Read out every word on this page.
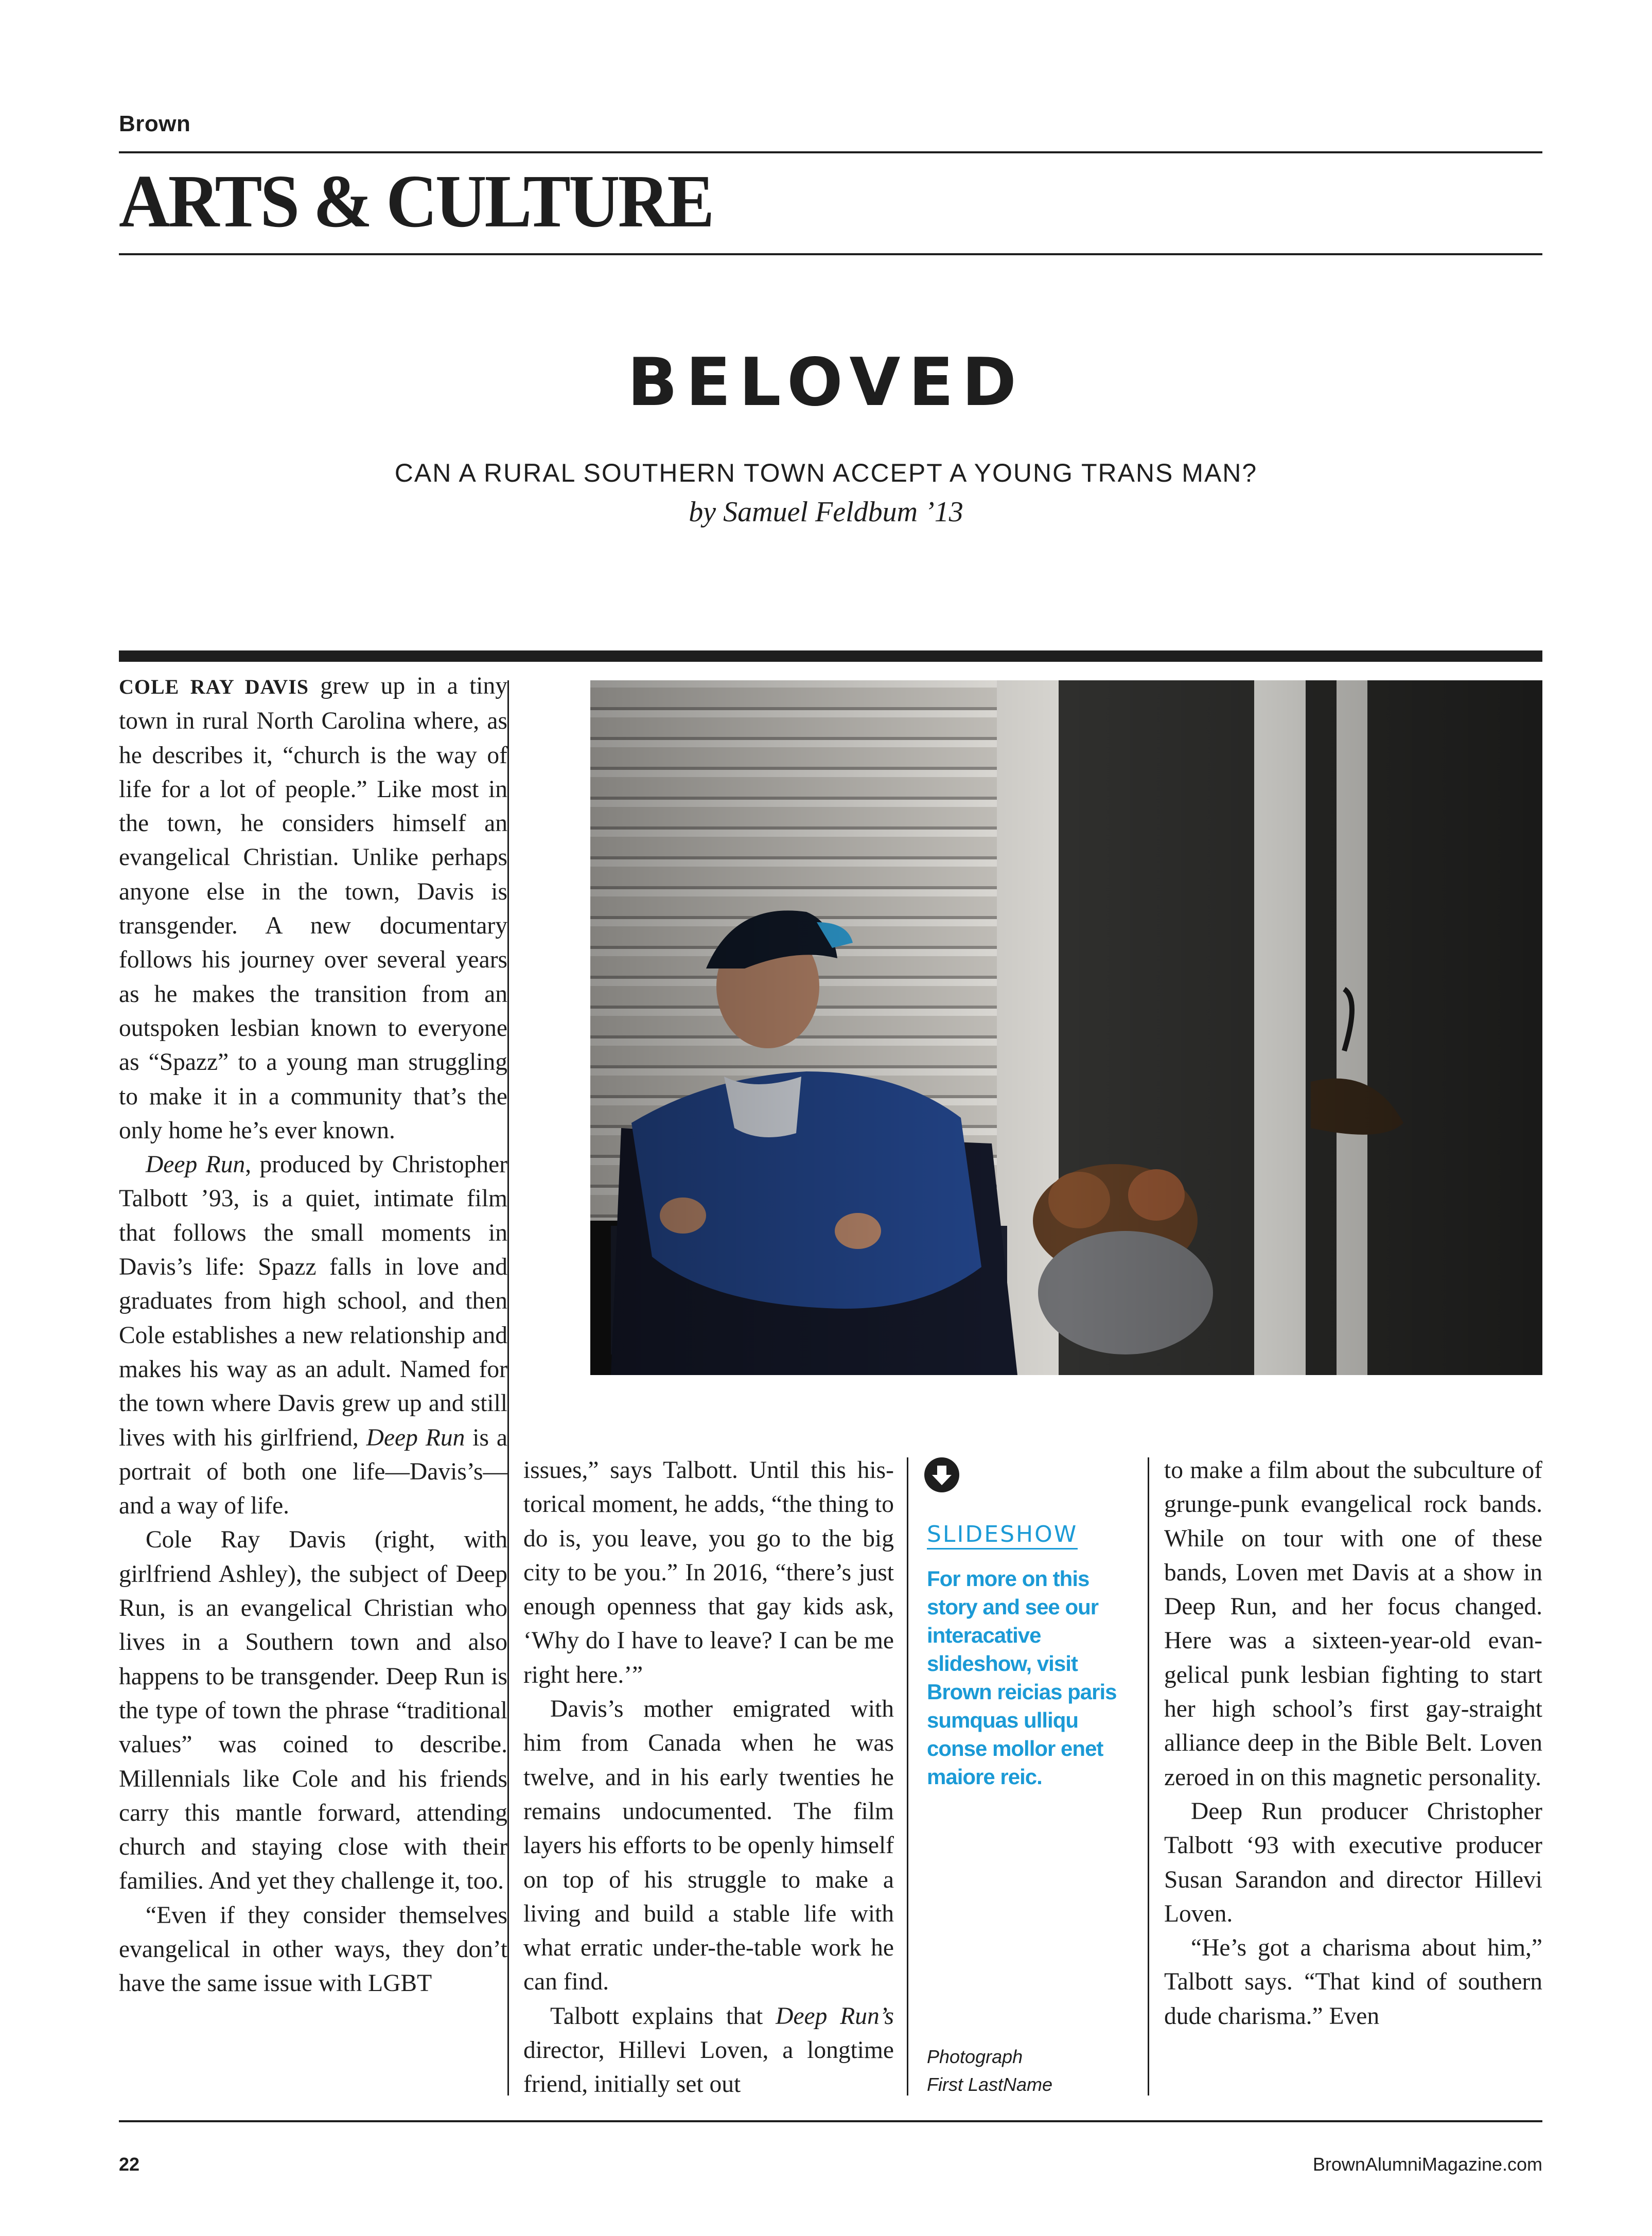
Brown
ARTS & CULTURE
BELOVED
CAN A RURAL SOUTHERN TOWN ACCEPT A YOUNG TRANS MAN?
by Samuel Feldbum ’13

COLE RAY DAVIS grew up in a tiny town in rural North Carolina where, as he describes it, “church is the way of life for a lot of people.” Like most in the town, he considers himself an evangelical Christian. Unlike perhaps anyone else in the town, Davis is transgender. A new documentary follows his journey over several years as he makes the transition from an outspoken lesbian known to everyone as “Spazz” to a young man struggling to make it in a community that’s the only home he’s ever known.

Deep Run, produced by Christopher Talbott ’93, is a quiet, intimate film that follows the small moments in Davis’s life: Spazz falls in love and graduates from high school, and then Cole establishes a new relationship and makes his way as an adult. Named for the town where Davis grew up and still lives with his girlfriend, Deep Run is a portrait of both one life—Davis’s— and a way of life.

Cole Ray Davis (right, with girlfriend Ashley), the subject of Deep Run, is an evangelical Christian who lives in a Southern town and also happens to be transgender. Deep Run is the type of town the phrase “traditional values” was coined to describe. Millennials like Cole and his friends carry this mantle forward, attending church and staying close with their families. And yet they challenge it, too.

“Even if they consider themselves evangelical in other ways, they don’t have the same issue with LGBT

issues,” says Talbott. Until this historical moment, he adds, “the thing to do is, you leave, you go to the big city to be you.” In 2016, “there’s just enough openness that gay kids ask, ‘Why do I have to leave? I can be me right here.’”

Davis’s mother emigrated with him from Canada when he was twelve, and in his early twenties he remains undocumented. The film layers his efforts to be openly himself on top of his struggle to make a living and build a stable life with what erratic under-the-table work he can find.

Talbott explains that Deep Run’s director, Hillevi Loven, a longtime friend, initially set out

SLIDESHOW
For more on this story and see our interacative slideshow, visit Brown reicias paris sumquas ulliqu conse mollor enet maiore reic.
Photograph
First LastName

to make a film about the subculture of grunge-punk evangelical rock bands. While on tour with one of these bands, Loven met Davis at a show in Deep Run, and her focus changed. Here was a sixteen-year-old evangelical punk lesbian fighting to start her high school’s first gay-straight alliance deep in the Bible Belt. Loven zeroed in on this magnetic personality.

Deep Run producer Christopher Talbott ‘93 with executive producer Susan Sarandon and director Hillevi Loven.

“He’s got a charisma about him,” Talbott says. “That kind of southern dude charisma.” Even

22	BrownAlumniMagazine.com
